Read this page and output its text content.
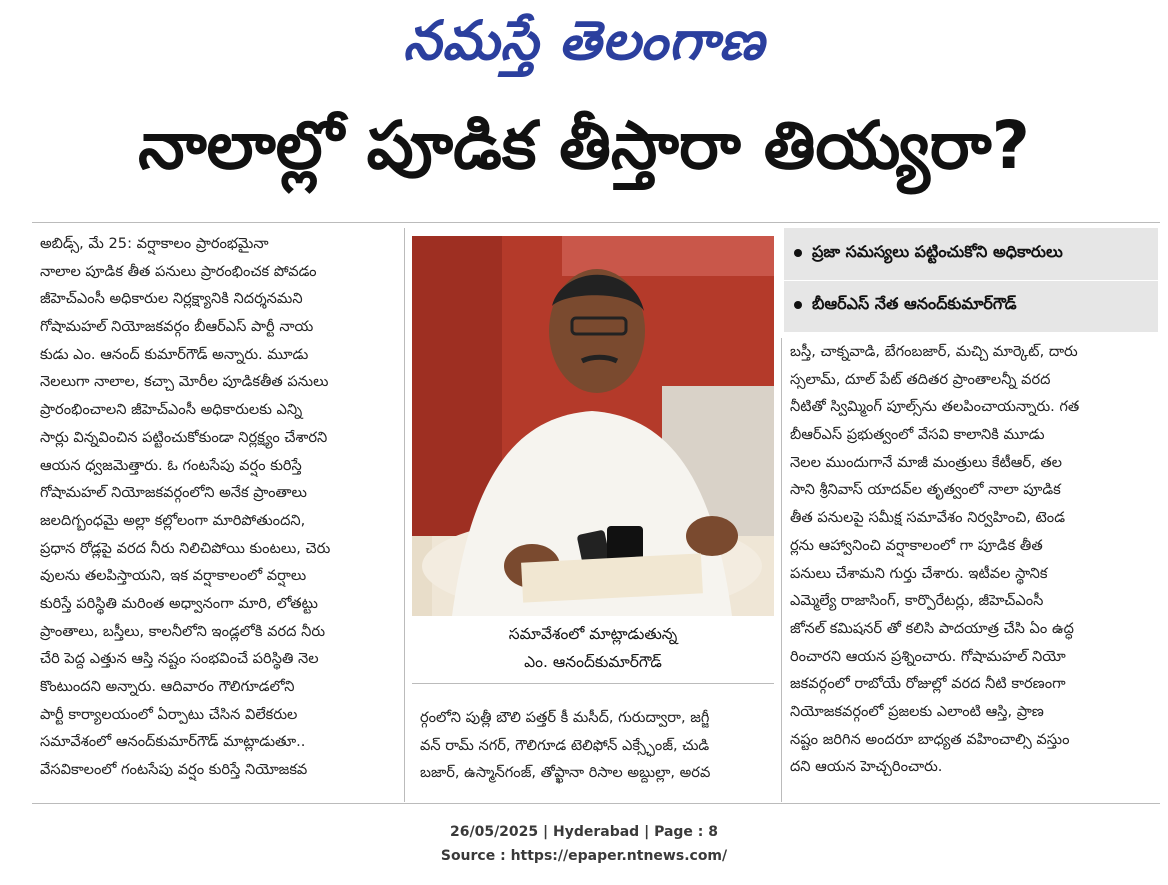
నమస్తే తెలంగాణ
నాలాల్లో పూడిక తీస్తారా తియ్యరా?
అబిడ్స్, మే 25: వర్షాకాలం ప్రారంభమైనా
నాలాల పూడిక తీత పనులు ప్రారంభించక పోవడం
జీహెచ్ఎంసీ అధికారుల నిర్లక్ష్యానికి నిదర్శనమని
గోషామహల్ నియోజకవర్గం బీఆర్ఎస్ పార్టీ నాయ
కుడు ఎం. ఆనంద్ కుమార్‌గౌడ్ అన్నారు. మూడు
నెలలుగా నాలాల, కచ్చా మోరీల పూడికతీత పనులు
ప్రారంభించాలని జీహెచ్ఎంసీ అధికారులకు ఎన్ని
సార్లు విన్నవించిన పట్టించుకోకుండా నిర్లక్ష్యం చేశారని
ఆయన ధ్వజమెత్తారు. ఓ గంటసేపు వర్షం కురిస్తే
గోషామహల్ నియోజకవర్గంలోని అనేక ప్రాంతాలు
జలదిగ్బంధమై అల్లా కల్లోలంగా మారిపోతుందని,
ప్రధాన రోడ్లపై వరద నీరు నిలిచిపోయి కుంటలు, చెరు
వులను తలపిస్తాయని, ఇక వర్షాకాలంలో వర్షాలు
కురిస్తే పరిస్థితి మరింత అధ్వానంగా మారి, లోతట్టు
ప్రాంతాలు, బస్తీలు, కాలనీలోని ఇండ్లలోకి వరద నీరు
చేరి పెద్ద ఎత్తున ఆస్తి నష్టం సంభవించే పరిస్థితి నెల
కొంటుందని అన్నారు. ఆదివారం గౌలిగూడలోని
పార్టీ కార్యాలయంలో ఏర్పాటు చేసిన విలేకరుల
సమావేశంలో ఆనంద్‌కుమార్‌గౌడ్ మాట్లాడుతూ..
వేసవికాలంలో గంటసేపు వర్షం కురిస్తే నియోజకవ
సమావేశంలో మాట్లాడుతున్న
ఎం. ఆనంద్‌కుమార్‌గౌడ్
ర్గంలోని పుత్లీ బౌలి పత్తర్ కీ మసీద్, గురుద్వారా, జగ్జీ
వన్ రామ్ నగర్, గౌలిగూడ టెలిఫోన్ ఎక్స్ఛేంజ్, చుడి
బజార్, ఉస్మాన్‌గంజ్, తోప్ఖానా రిసాల అబ్దుల్లా, అరవ
ప్రజా సమస్యలు పట్టించుకోని అధికారులు
బీఆర్ఎస్ నేత ఆనంద్‌కుమార్‌గౌడ్
బస్తీ, చాక్నవాడి, బేగంబజార్, మచ్చి మార్కెట్, దారు
స్సలామ్, దూల్ పేట్ తదితర ప్రాంతాలన్నీ వరద
నీటితో స్విమ్మింగ్ పూల్స్‌ను తలపించాయన్నారు. గత
బీఆర్ఎస్ ప్రభుత్వంలో వేసవి కాలానికి మూడు
నెలల ముందుగానే మాజీ మంత్రులు కేటీఆర్, తల
సాని శ్రీనివాస్ యాదవ్‌ల తృత్వంలో నాలా పూడిక
తీత పనులపై సమీక్ష సమావేశం నిర్వహించి, టెండ
ర్లను ఆహ్వానించి వర్షాకాలంలో గా పూడిక తీత
పనులు చేశామని గుర్తు చేశారు. ఇటీవల స్థానిక
ఎమ్మెల్యే రాజాసింగ్, కార్పొరేటర్లు, జీహెచ్ఎంసీ
జోనల్ కమిషనర్ తో కలిసి పాదయాత్ర చేసి ఏం ఉద్ధ
రించారని ఆయన ప్రశ్నించారు. గోషామహల్ నియో
జకవర్గంలో రాబోయే రోజుల్లో వరద నీటి కారణంగా
నియోజకవర్గంలో ప్రజలకు ఎలాంటి ఆస్తి, ప్రాణ
నష్టం జరిగిన అందరూ బాధ్యత వహించాల్సి వస్తుం
దని ఆయన హెచ్చరించారు.
26/05/2025 | Hyderabad | Page : 8
Source : https://epaper.ntnews.com/
